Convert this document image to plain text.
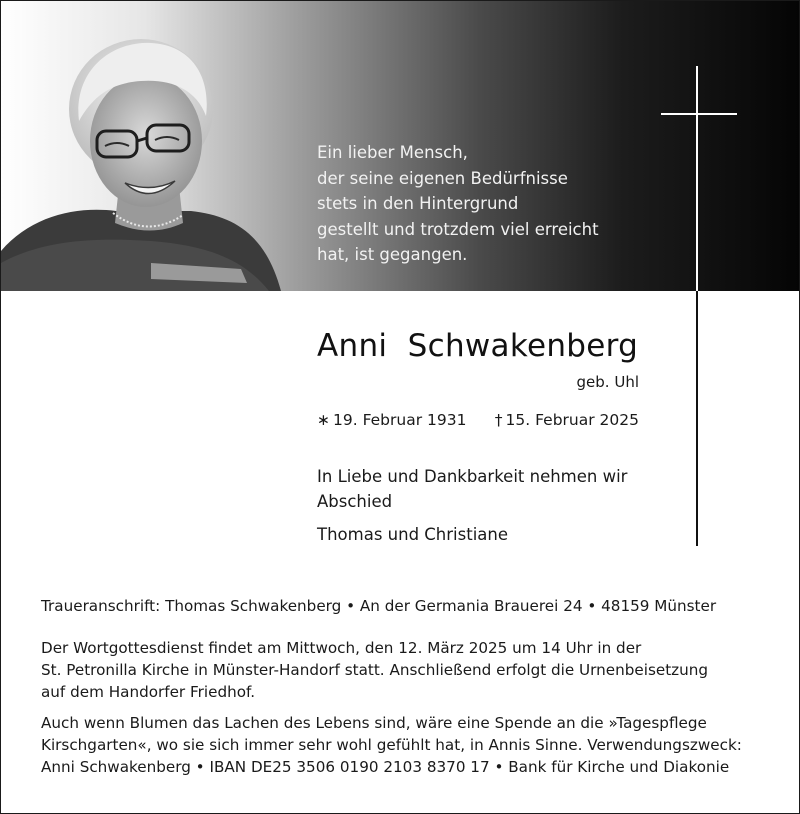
Ein lieber Mensch,
der seine eigenen Bedürfnisse
stets in den Hintergrund
gestellt und trotzdem viel erreicht
hat, ist gegangen.
Anni  Schwakenberg
geb. Uhl
∗ 19. Februar 1931 † 15. Februar 2025
In Liebe und Dankbarkeit nehmen wir Abschied
Thomas und Christiane
Traueranschrift: Thomas Schwakenberg • An der Germania Brauerei 24 • 48159 Münster
Der Wortgottesdienst findet am Mittwoch, den 12. März 2025 um 14 Uhr in der
St. Petronilla Kirche in Münster-Handorf statt. Anschließend erfolgt die Urnenbeisetzung
auf dem Handorfer Friedhof.
Auch wenn Blumen das Lachen des Lebens sind, wäre eine Spende an die »Tagespflege
Kirschgarten«, wo sie sich immer sehr wohl gefühlt hat, in Annis Sinne. Verwendungszweck:
Anni Schwakenberg • IBAN DE25 3506 0190 2103 8370 17 • Bank für Kirche und Diakonie
